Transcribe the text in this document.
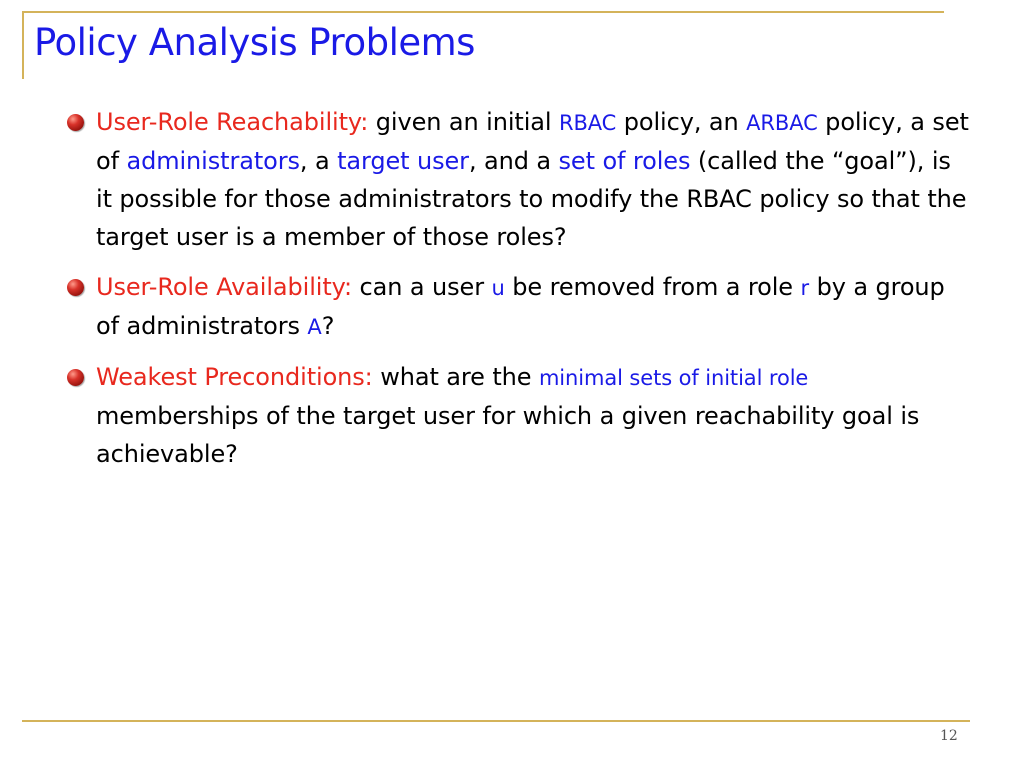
Policy Analysis Problems
User-Role Reachability: given an initial RBAC policy, an ARBAC policy, a set of administrators, a target user, and a set of roles (called the “goal”), is it possible for those administrators to modify the RBAC policy so that the target user is a member of those roles?
User-Role Availability: can a user u be removed from a role r by a group of administrators A?
Weakest Preconditions: what are the minimal sets of initial role memberships of the target user for which a given reachability goal is achievable?
12
